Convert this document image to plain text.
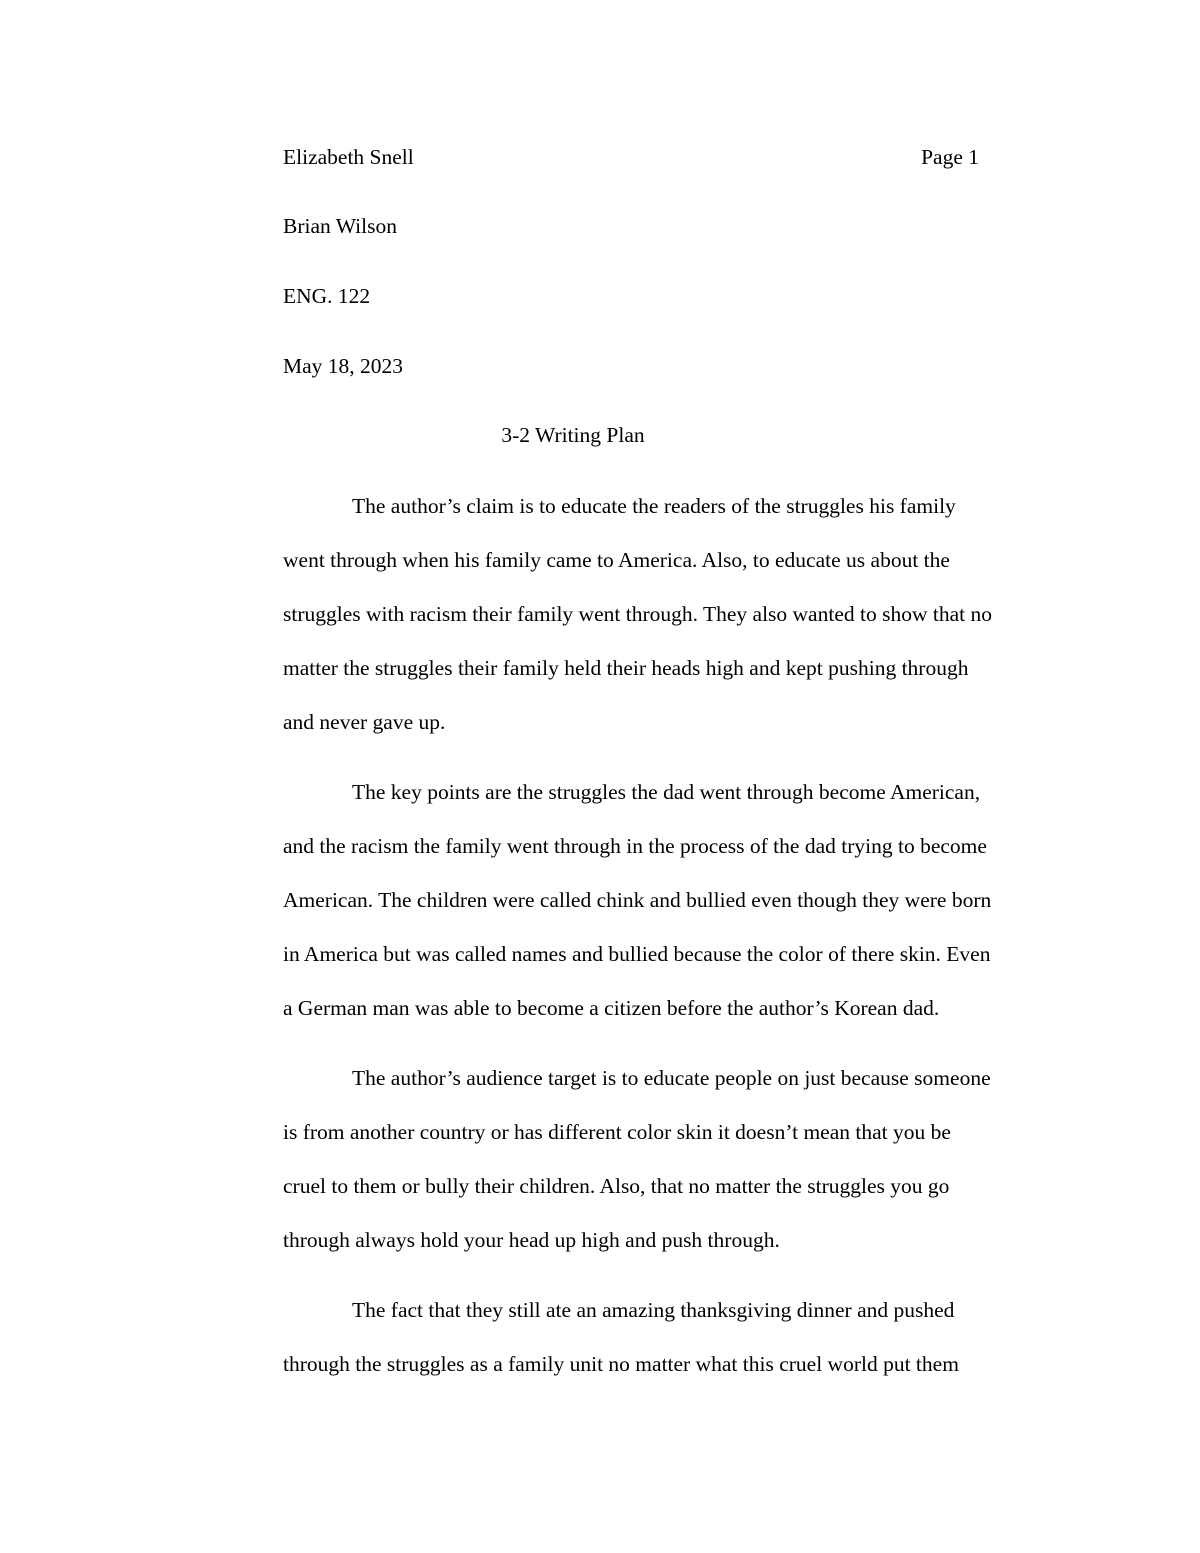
Elizabeth Snell	Page 1
Brian Wilson
ENG. 122
May 18, 2023
3-2 Writing Plan
The author’s claim is to educate the readers of the struggles his family
went through when his family came to America. Also, to educate us about the
struggles with racism their family went through. They also wanted to show that no
matter the struggles their family held their heads high and kept pushing through
and never gave up.
The key points are the struggles the dad went through become American,
and the racism the family went through in the process of the dad trying to become
American. The children were called chink and bullied even though they were born
in America but was called names and bullied because the color of there skin. Even
a German man was able to become a citizen before the author’s Korean dad.
The author’s audience target is to educate people on just because someone
is from another country or has different color skin it doesn’t mean that you be
cruel to them or bully their children. Also, that no matter the struggles you go
through always hold your head up high and push through.
The fact that they still ate an amazing thanksgiving dinner and pushed
through the struggles as a family unit no matter what this cruel world put them
